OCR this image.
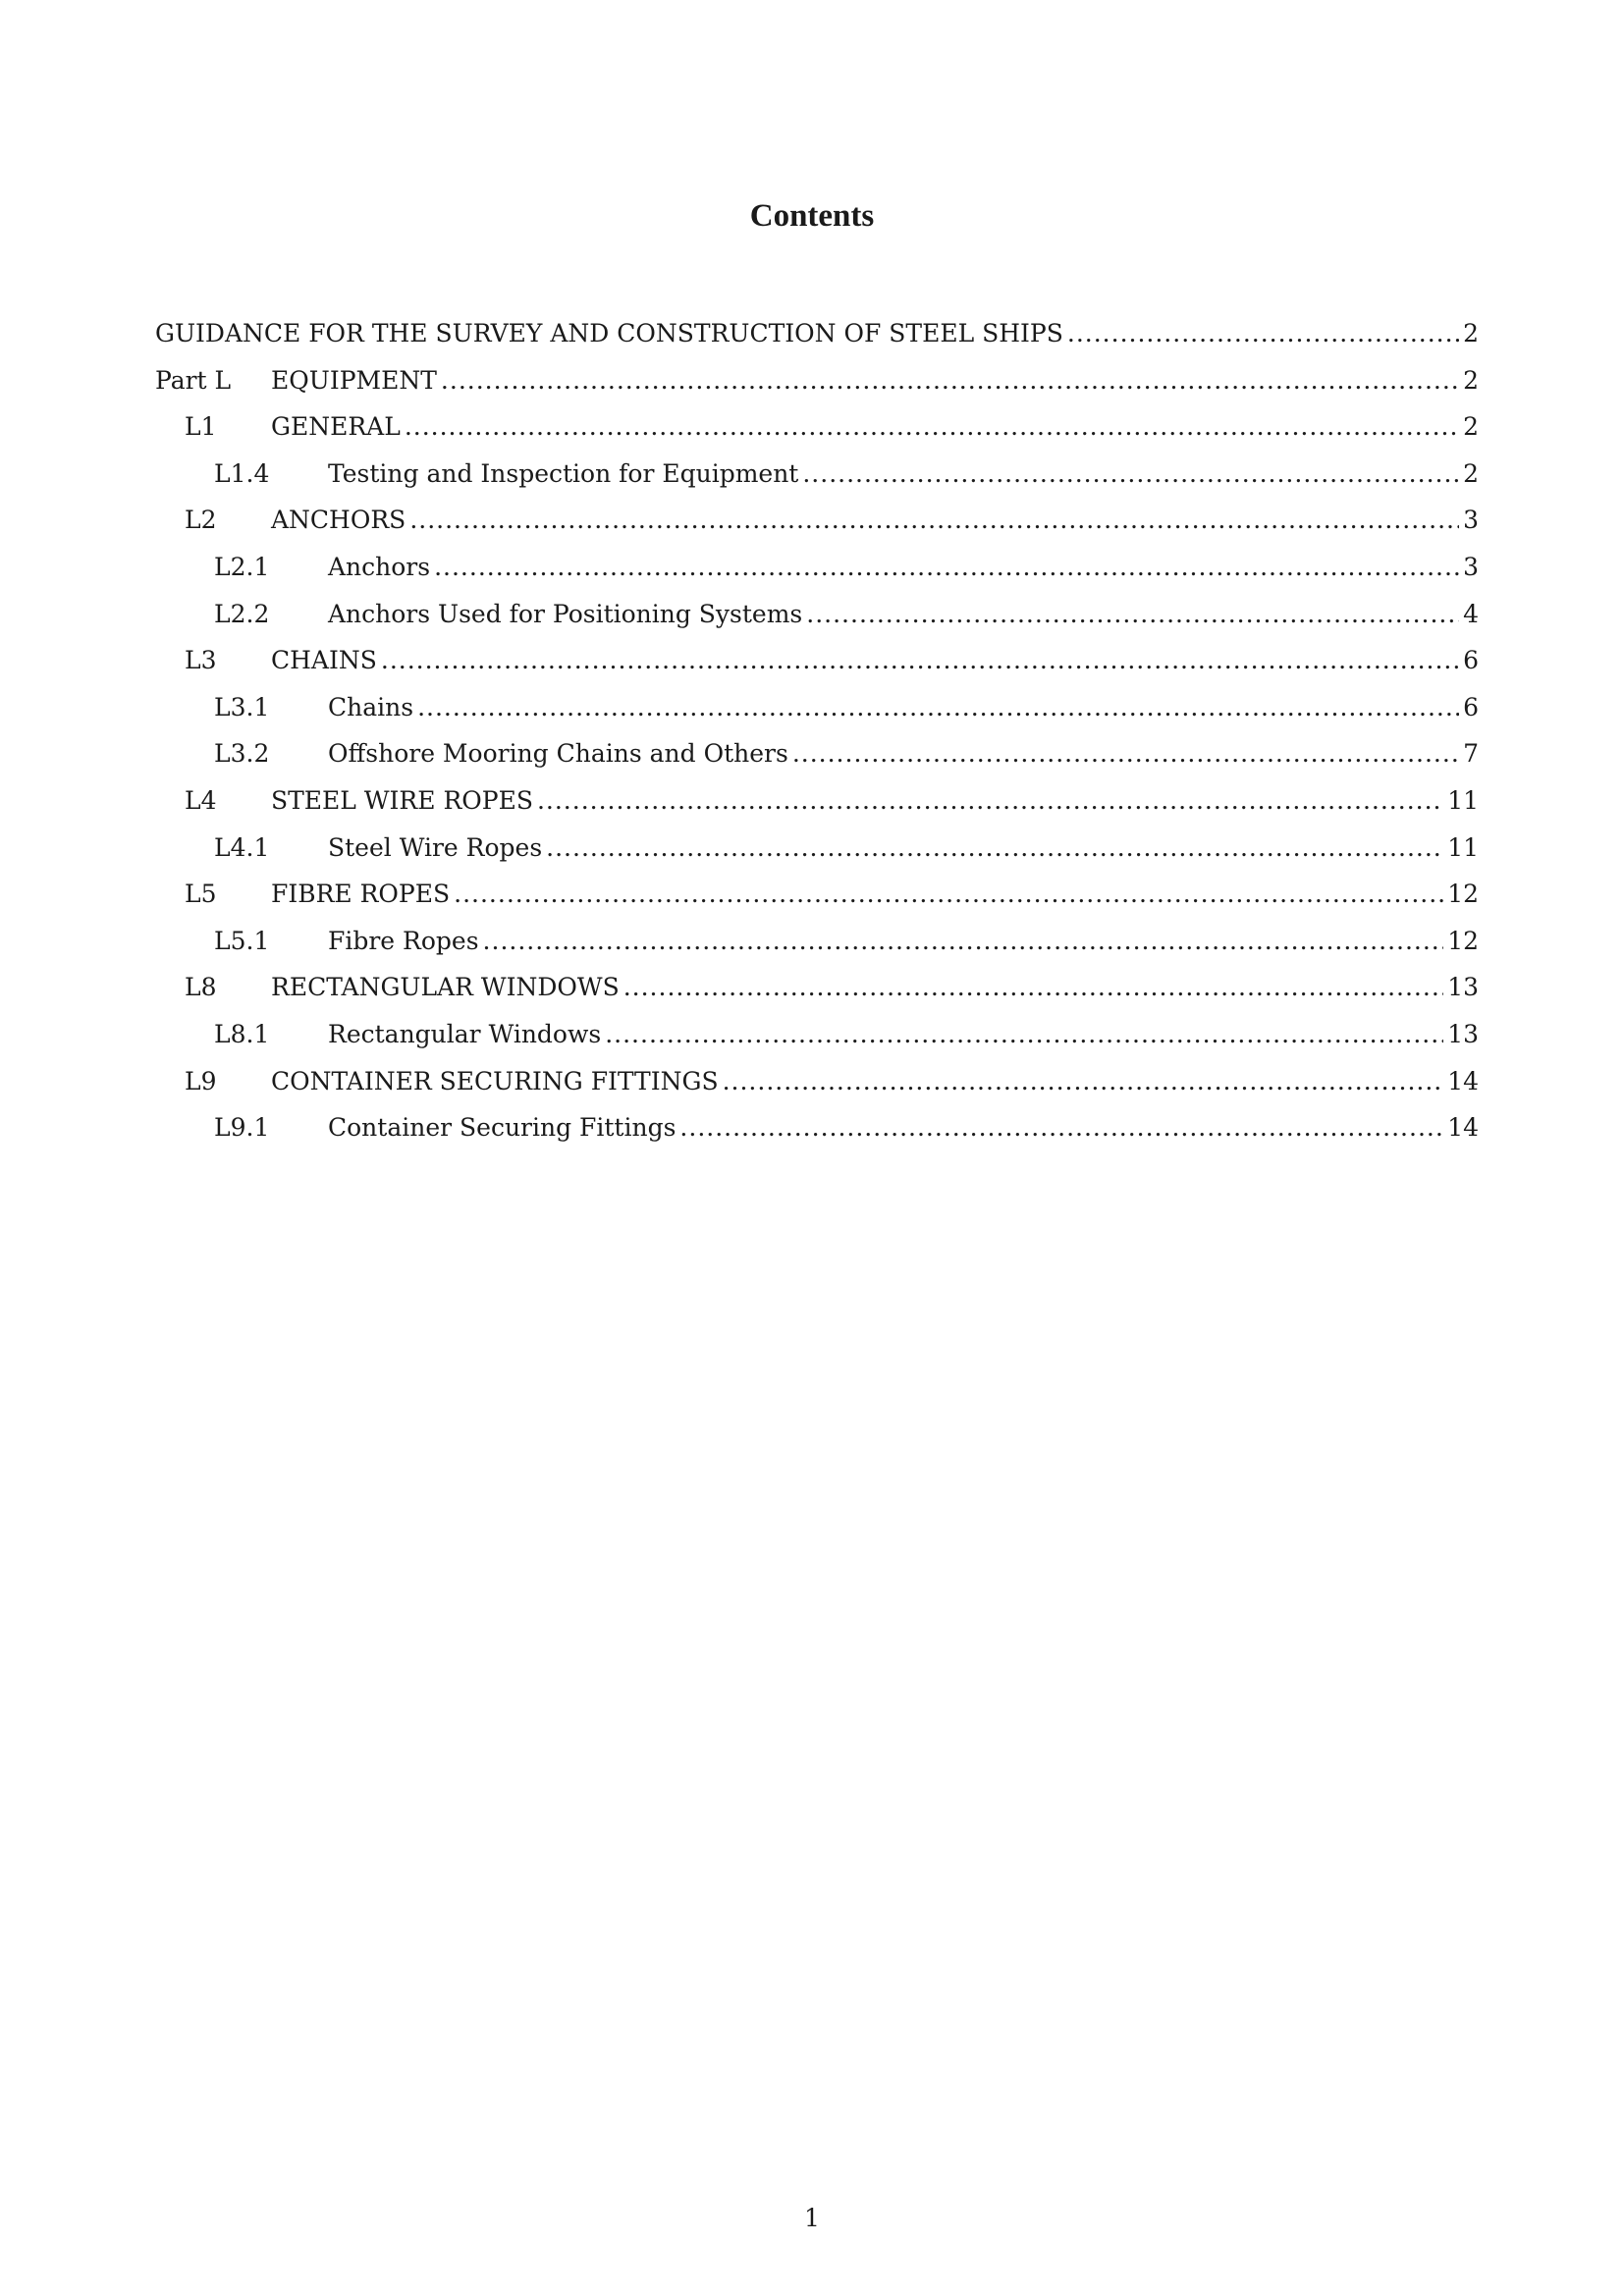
Contents
GUIDANCE FOR THE SURVEY AND CONSTRUCTION OF STEEL SHIPS .....	2
Part L	EQUIPMENT .....	2
L1	GENERAL .....	2
L1.4	Testing and Inspection for Equipment .....	2
L2	ANCHORS .....	3
L2.1	Anchors .....	3
L2.2	Anchors Used for Positioning Systems .....	4
L3	CHAINS .....	6
L3.1	Chains .....	6
L3.2	Offshore Mooring Chains and Others .....	7
L4	STEEL WIRE ROPES .....	11
L4.1	Steel Wire Ropes .....	11
L5	FIBRE ROPES .....	12
L5.1	Fibre Ropes .....	12
L8	RECTANGULAR WINDOWS .....	13
L8.1	Rectangular Windows .....	13
L9	CONTAINER SECURING FITTINGS .....	14
L9.1	Container Securing Fittings .....	14
1
